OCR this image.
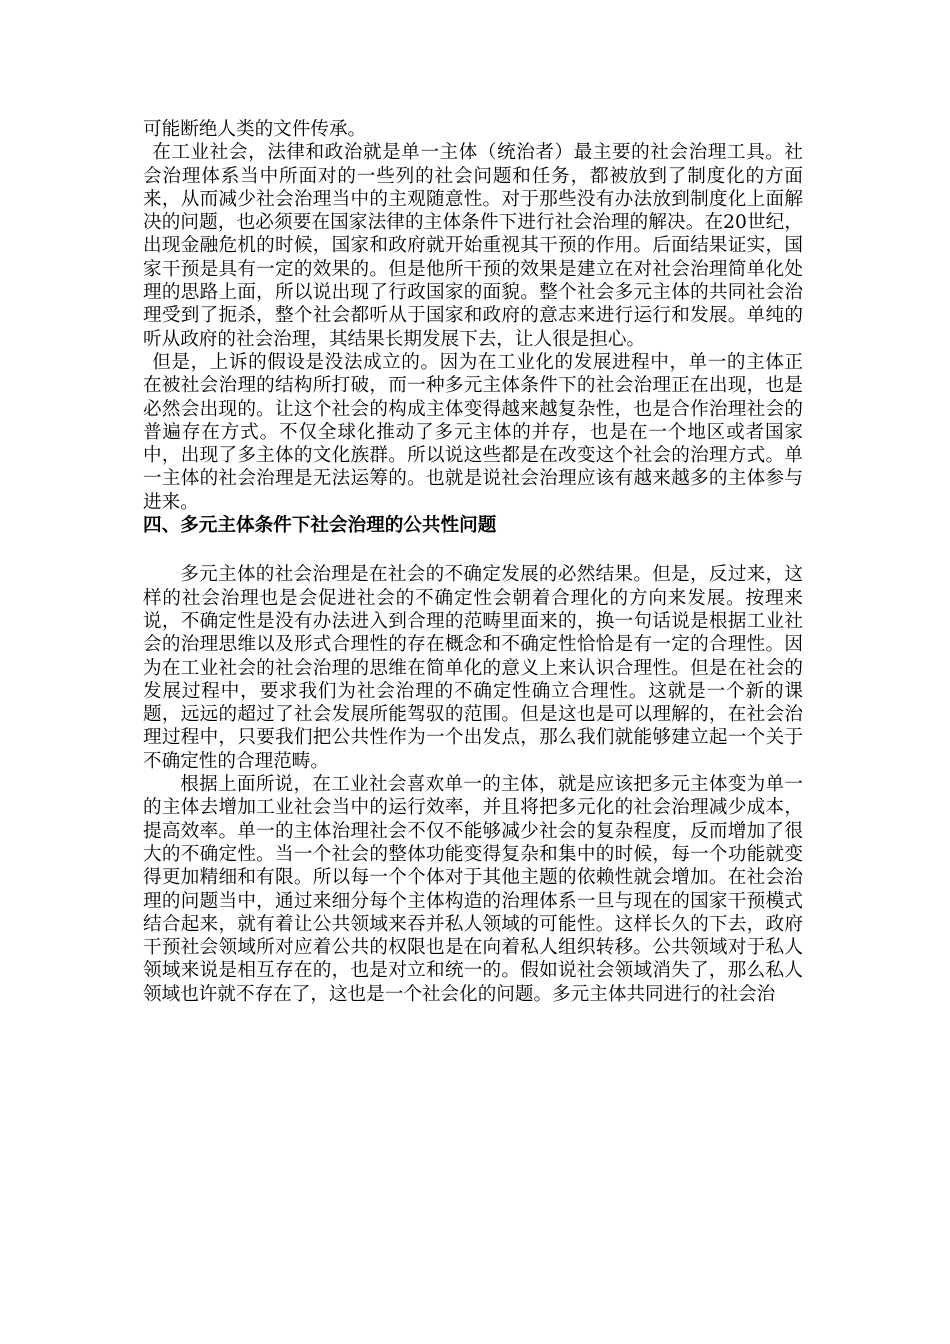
可能断绝人类的文件传承。

在工业社会，法律和政治就是单一主体（统治者）最主要的社会治理工具。社会治理体系当中所面对的一些列的社会问题和任务，都被放到了制度化的方面来，从而减少社会治理当中的主观随意性。对于那些没有办法放到制度化上面解决的问题，也必须要在国家法律的主体条件下进行社会治理的解决。在20世纪，出现金融危机的时候，国家和政府就开始重视其干预的作用。后面结果证实，国家干预是具有一定的效果的。但是他所干预的效果是建立在对社会治理简单化处理的思路上面，所以说出现了行政国家的面貌。整个社会多元主体的共同社会治理受到了扼杀，整个社会都听从于国家和政府的意志来进行运行和发展。单纯的听从政府的社会治理，其结果长期发展下去，让人很是担心。

但是，上诉的假设是没法成立的。因为在工业化的发展进程中，单一的主体正在被社会治理的结构所打破，而一种多元主体条件下的社会治理正在出现，也是必然会出现的。让这个社会的构成主体变得越来越复杂性，也是合作治理社会的普遍存在方式。不仅全球化推动了多元主体的并存，也是在一个地区或者国家中，出现了多主体的文化族群。所以说这些都是在改变这个社会的治理方式。单一主体的社会治理是无法运筹的。也就是说社会治理应该有越来越多的主体参与进来。

四、多元主体条件下社会治理的公共性问题

多元主体的社会治理是在社会的不确定发展的必然结果。但是，反过来，这样的社会治理也是会促进社会的不确定性会朝着合理化的方向来发展。按理来说，不确定性是没有办法进入到合理的范畴里面来的，换一句话说是根据工业社会的治理思维以及形式合理性的存在概念和不确定性恰恰是有一定的合理性。因为在工业社会的社会治理的思维在简单化的意义上来认识合理性。但是在社会的发展过程中，要求我们为社会治理的不确定性确立合理性。这就是一个新的课题，远远的超过了社会发展所能驾驭的范围。但是这也是可以理解的，在社会治理过程中，只要我们把公共性作为一个出发点，那么我们就能够建立起一个关于不确定性的合理范畴。

根据上面所说，在工业社会喜欢单一的主体，就是应该把多元主体变为单一的主体去增加工业社会当中的运行效率，并且将把多元化的社会治理减少成本，提高效率。单一的主体治理社会不仅不能够减少社会的复杂程度，反而增加了很大的不确定性。当一个社会的整体功能变得复杂和集中的时候，每一个功能就变得更加精细和有限。所以每一个个体对于其他主题的依赖性就会增加。在社会治理的问题当中，通过来细分每个主体构造的治理体系一旦与现在的国家干预模式结合起来，就有着让公共领域来吞并私人领域的可能性。这样长久的下去，政府干预社会领域所对应着公共的权限也是在向着私人组织转移。公共领域对于私人领域来说是相互存在的，也是对立和统一的。假如说社会领域消失了，那么私人领域也许就不存在了，这也是一个社会化的问题。多元主体共同进行的社会治
